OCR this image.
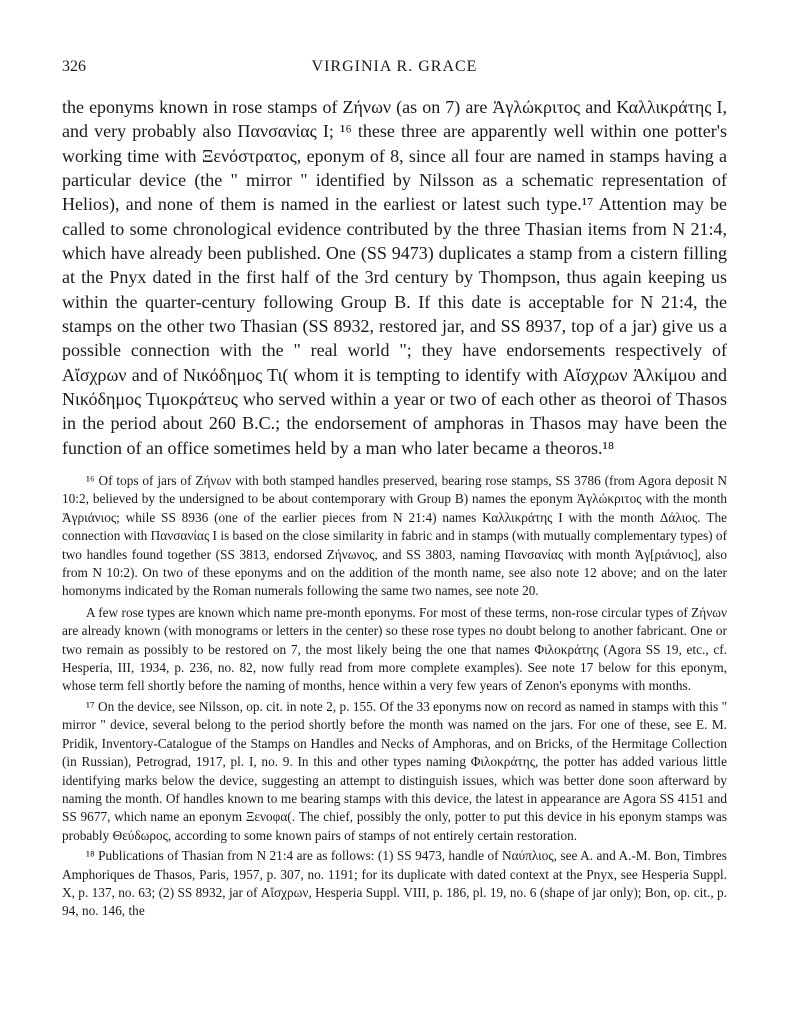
326	VIRGINIA R. GRACE

the eponyms known in rose stamps of Ζήνων (as on 7) are Ἀγλώκριτος and Καλλικράτης I, and very probably also Πανσανίας I; ¹⁶ these three are apparently well within one potter's working time with Ξενόστρατος, eponym of 8, since all four are named in stamps having a particular device (the " mirror " identified by Nilsson as a schematic representation of Helios), and none of them is named in the earliest or latest such type.¹⁷ Attention may be called to some chronological evidence contributed by the three Thasian items from N 21:4, which have already been published. One (SS 9473) duplicates a stamp from a cistern filling at the Pnyx dated in the first half of the 3rd century by Thompson, thus again keeping us within the quarter-century following Group B. If this date is acceptable for N 21:4, the stamps on the other two Thasian (SS 8932, restored jar, and SS 8937, top of a jar) give us a possible connection with the " real world "; they have endorsements respectively of Αἴσχρων and of Νικόδημος Τι( whom it is tempting to identify with Αἴσχρων Ἀλκίμου and Νικόδημος Τιμοκράτευς who served within a year or two of each other as theoroi of Thasos in the period about 260 B.C.; the endorsement of amphoras in Thasos may have been the function of an office sometimes held by a man who later became a theoros.¹⁸

¹⁶ Of tops of jars of Ζήνων with both stamped handles preserved, bearing rose stamps, SS 3786 (from Agora deposit N 10:2, believed by the undersigned to be about contemporary with Group B) names the eponym Ἀγλώκριτος with the month Ἀγριάνιος; while SS 8936 (one of the earlier pieces from N 21:4) names Καλλικράτης I with the month Δάλιος. The connection with Πανσανίας I is based on the close similarity in fabric and in stamps (with mutually complementary types) of two handles found together (SS 3813, endorsed Ζήνωνος, and SS 3803, naming Πανσανίας with month Ἀγ[ριάνιος], also from N 10:2). On two of these eponyms and on the addition of the month name, see also note 12 above; and on the later homonyms indicated by the Roman numerals following the same two names, see note 20.

A few rose types are known which name pre-month eponyms. For most of these terms, non-rose circular types of Ζήνων are already known (with monograms or letters in the center) so these rose types no doubt belong to another fabricant. One or two remain as possibly to be restored on 7, the most likely being the one that names Φιλοκράτης (Agora SS 19, etc., cf. Hesperia, III, 1934, p. 236, no. 82, now fully read from more complete examples). See note 17 below for this eponym, whose term fell shortly before the naming of months, hence within a very few years of Zenon's eponyms with months.

¹⁷ On the device, see Nilsson, op. cit. in note 2, p. 155. Of the 33 eponyms now on record as named in stamps with this " mirror " device, several belong to the period shortly before the month was named on the jars. For one of these, see E. M. Pridik, Inventory-Catalogue of the Stamps on Handles and Necks of Amphoras, and on Bricks, of the Hermitage Collection (in Russian), Petrograd, 1917, pl. I, no. 9. In this and other types naming Φιλοκράτης, the potter has added various little identifying marks below the device, suggesting an attempt to distinguish issues, which was better done soon afterward by naming the month. Of handles known to me bearing stamps with this device, the latest in appearance are Agora SS 4151 and SS 9677, which name an eponym Ξενοφα(. The chief, possibly the only, potter to put this device in his eponym stamps was probably Θεύδωρος, according to some known pairs of stamps of not entirely certain restoration.

¹⁸ Publications of Thasian from N 21:4 are as follows: (1) SS 9473, handle of Ναύπλιος, see A. and A.-M. Bon, Timbres Amphoriques de Thasos, Paris, 1957, p. 307, no. 1191; for its duplicate with dated context at the Pnyx, see Hesperia Suppl. X, p. 137, no. 63; (2) SS 8932, jar of Αἴσχρων, Hesperia Suppl. VIII, p. 186, pl. 19, no. 6 (shape of jar only); Bon, op. cit., p. 94, no. 146, the
